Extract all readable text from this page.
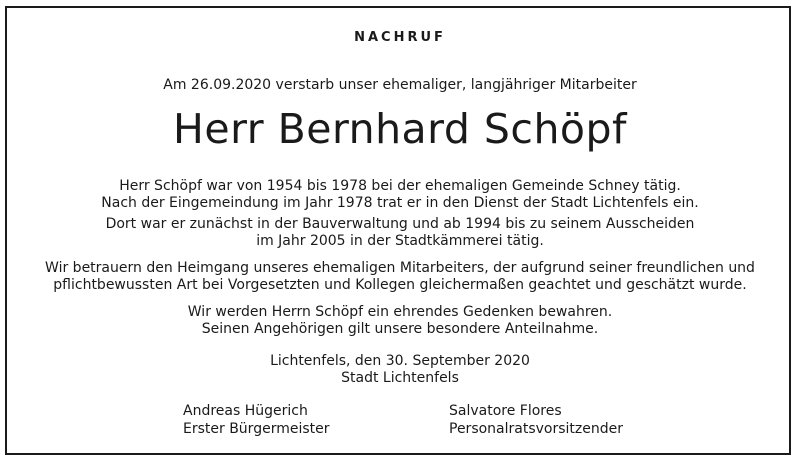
NACHRUF
Am 26.09.2020 verstarb unser ehemaliger, langjähriger Mitarbeiter
Herr Bernhard Schöpf
Herr Schöpf war von 1954 bis 1978 bei der ehemaligen Gemeinde Schney tätig.
Nach der Eingemeindung im Jahr 1978 trat er in den Dienst der Stadt Lichtenfels ein.
Dort war er zunächst in der Bauverwaltung und ab 1994 bis zu seinem Ausscheiden
im Jahr 2005 in der Stadtkämmerei tätig.
Wir betrauern den Heimgang unseres ehemaligen Mitarbeiters, der aufgrund seiner freundlichen und
pflichtbewussten Art bei Vorgesetzten und Kollegen gleichermaßen geachtet und geschätzt wurde.
Wir werden Herrn Schöpf ein ehrendes Gedenken bewahren.
Seinen Angehörigen gilt unsere besondere Anteilnahme.
Lichtenfels, den 30. September 2020
Stadt Lichtenfels
Andreas Hügerich
Erster Bürgermeister
Salvatore Flores
Personalratsvorsitzender
